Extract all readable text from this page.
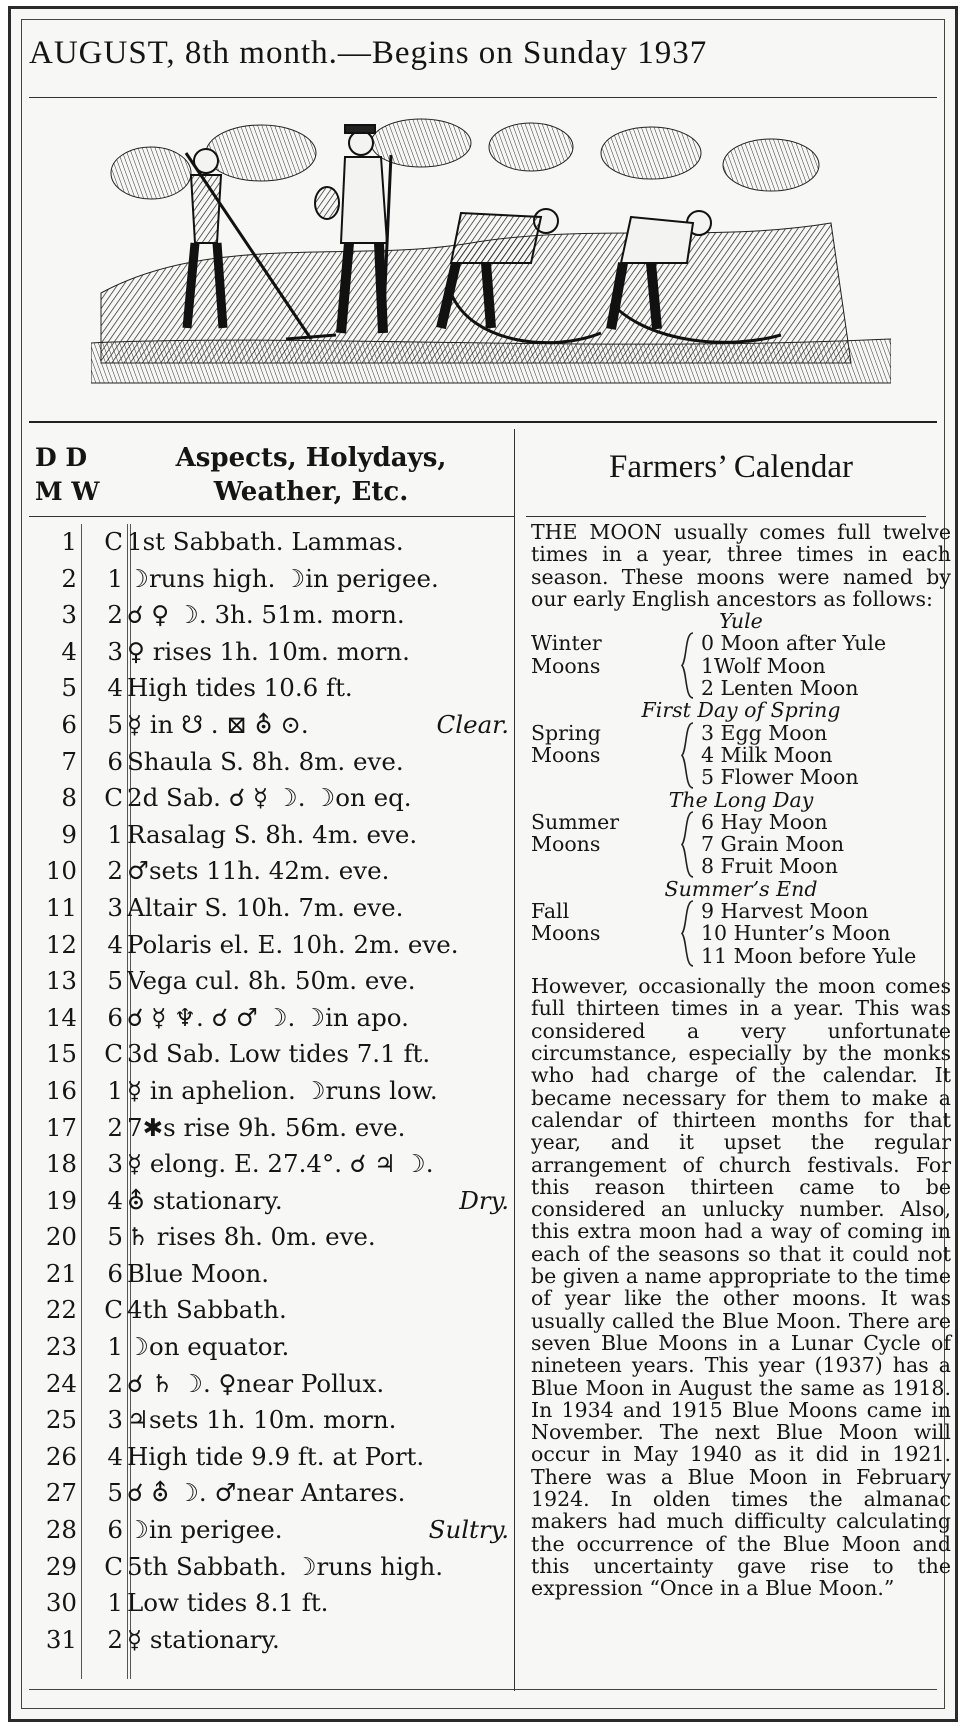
AUGUST, 8th month.—Begins on Sunday 1937
D D
M W
Aspects, Holydays,
Weather, Etc.
Farmers’ Calendar
1	C 1st Sabbath. Lammas.
2	1 ☽runs high. ☽in perigee.
3	2 ☌ ♀ ☽. 3h. 51m. morn.
4	3 ♀ rises 1h. 10m. morn.
5	4 High tides 10.6 ft.
6	5 ☿ in ☋ . ⊠ ⛢ ⊙.	Clear.
7	6 Shaula S. 8h. 8m. eve.
8	C 2d Sab. ☌ ☿ ☽. ☽on eq.
9	1 Rasalag S. 8h. 4m. eve.
10	2 ♂sets 11h. 42m. eve.
11	3 Altair S. 10h. 7m. eve.
12	4 Polaris el. E. 10h. 2m. eve.
13	5 Vega cul. 8h. 50m. eve.
14	6 ☌ ☿ ♆. ☌ ♂ ☽. ☽in apo.
15	C 3d Sab. Low tides 7.1 ft.
16	1 ☿ in aphelion. ☽runs low.
17	2 7✱s rise 9h. 56m. eve.
18	3 ☿ elong. E. 27.4°. ☌ ♃ ☽.
19	4 ⛢ stationary.	Dry.
20	5 ♄ rises 8h. 0m. eve.
21	6 Blue Moon.
22	C 4th Sabbath.
23	1 ☽on equator.
24	2 ☌ ♄ ☽. ♀near Pollux.
25	3 ♃sets 1h. 10m. morn.
26	4 High tide 9.9 ft. at Port.
27	5 ☌ ⛢ ☽. ♂near Antares.
28	6 ☽in perigee.	Sultry.
29	C 5th Sabbath. ☽runs high.
30	1 Low tides 8.1 ft.
31	2 ☿ stationary.
THE MOON usually comes full twelve times in a year, three times in each season. These moons were named by our early English ancestors as follows:
Yule
Winter
Moons
0 Moon after Yule
1Wolf Moon
2 Lenten Moon
First Day of Spring
Spring
Moons
3 Egg Moon
4 Milk Moon
5 Flower Moon
The Long Day
Summer
Moons
6 Hay Moon
7 Grain Moon
8 Fruit Moon
Summer’s End
Fall
Moons
9 Harvest Moon
10 Hunter’s Moon
11 Moon before Yule
However, occasionally the moon comes full thirteen times in a year. This was considered a very unfortunate circumstance, especially by the monks who had charge of the calendar. It became necessary for them to make a calendar of thirteen months for that year, and it upset the regular arrangement of church festivals. For this reason thirteen came to be considered an unlucky number. Also, this extra moon had a way of coming in each of the seasons so that it could not be given a name appropriate to the time of year like the other moons. It was usually called the Blue Moon. There are seven Blue Moons in a Lunar Cycle of nineteen years. This year (1937) has a Blue Moon in August the same as 1918. In 1934 and 1915 Blue Moons came in November. The next Blue Moon will occur in May 1940 as it did in 1921. There was a Blue Moon in February 1924. In olden times the almanac makers had much difficulty calculating the occurrence of the Blue Moon and this uncertainty gave rise to the expression “Once in a Blue Moon.”
